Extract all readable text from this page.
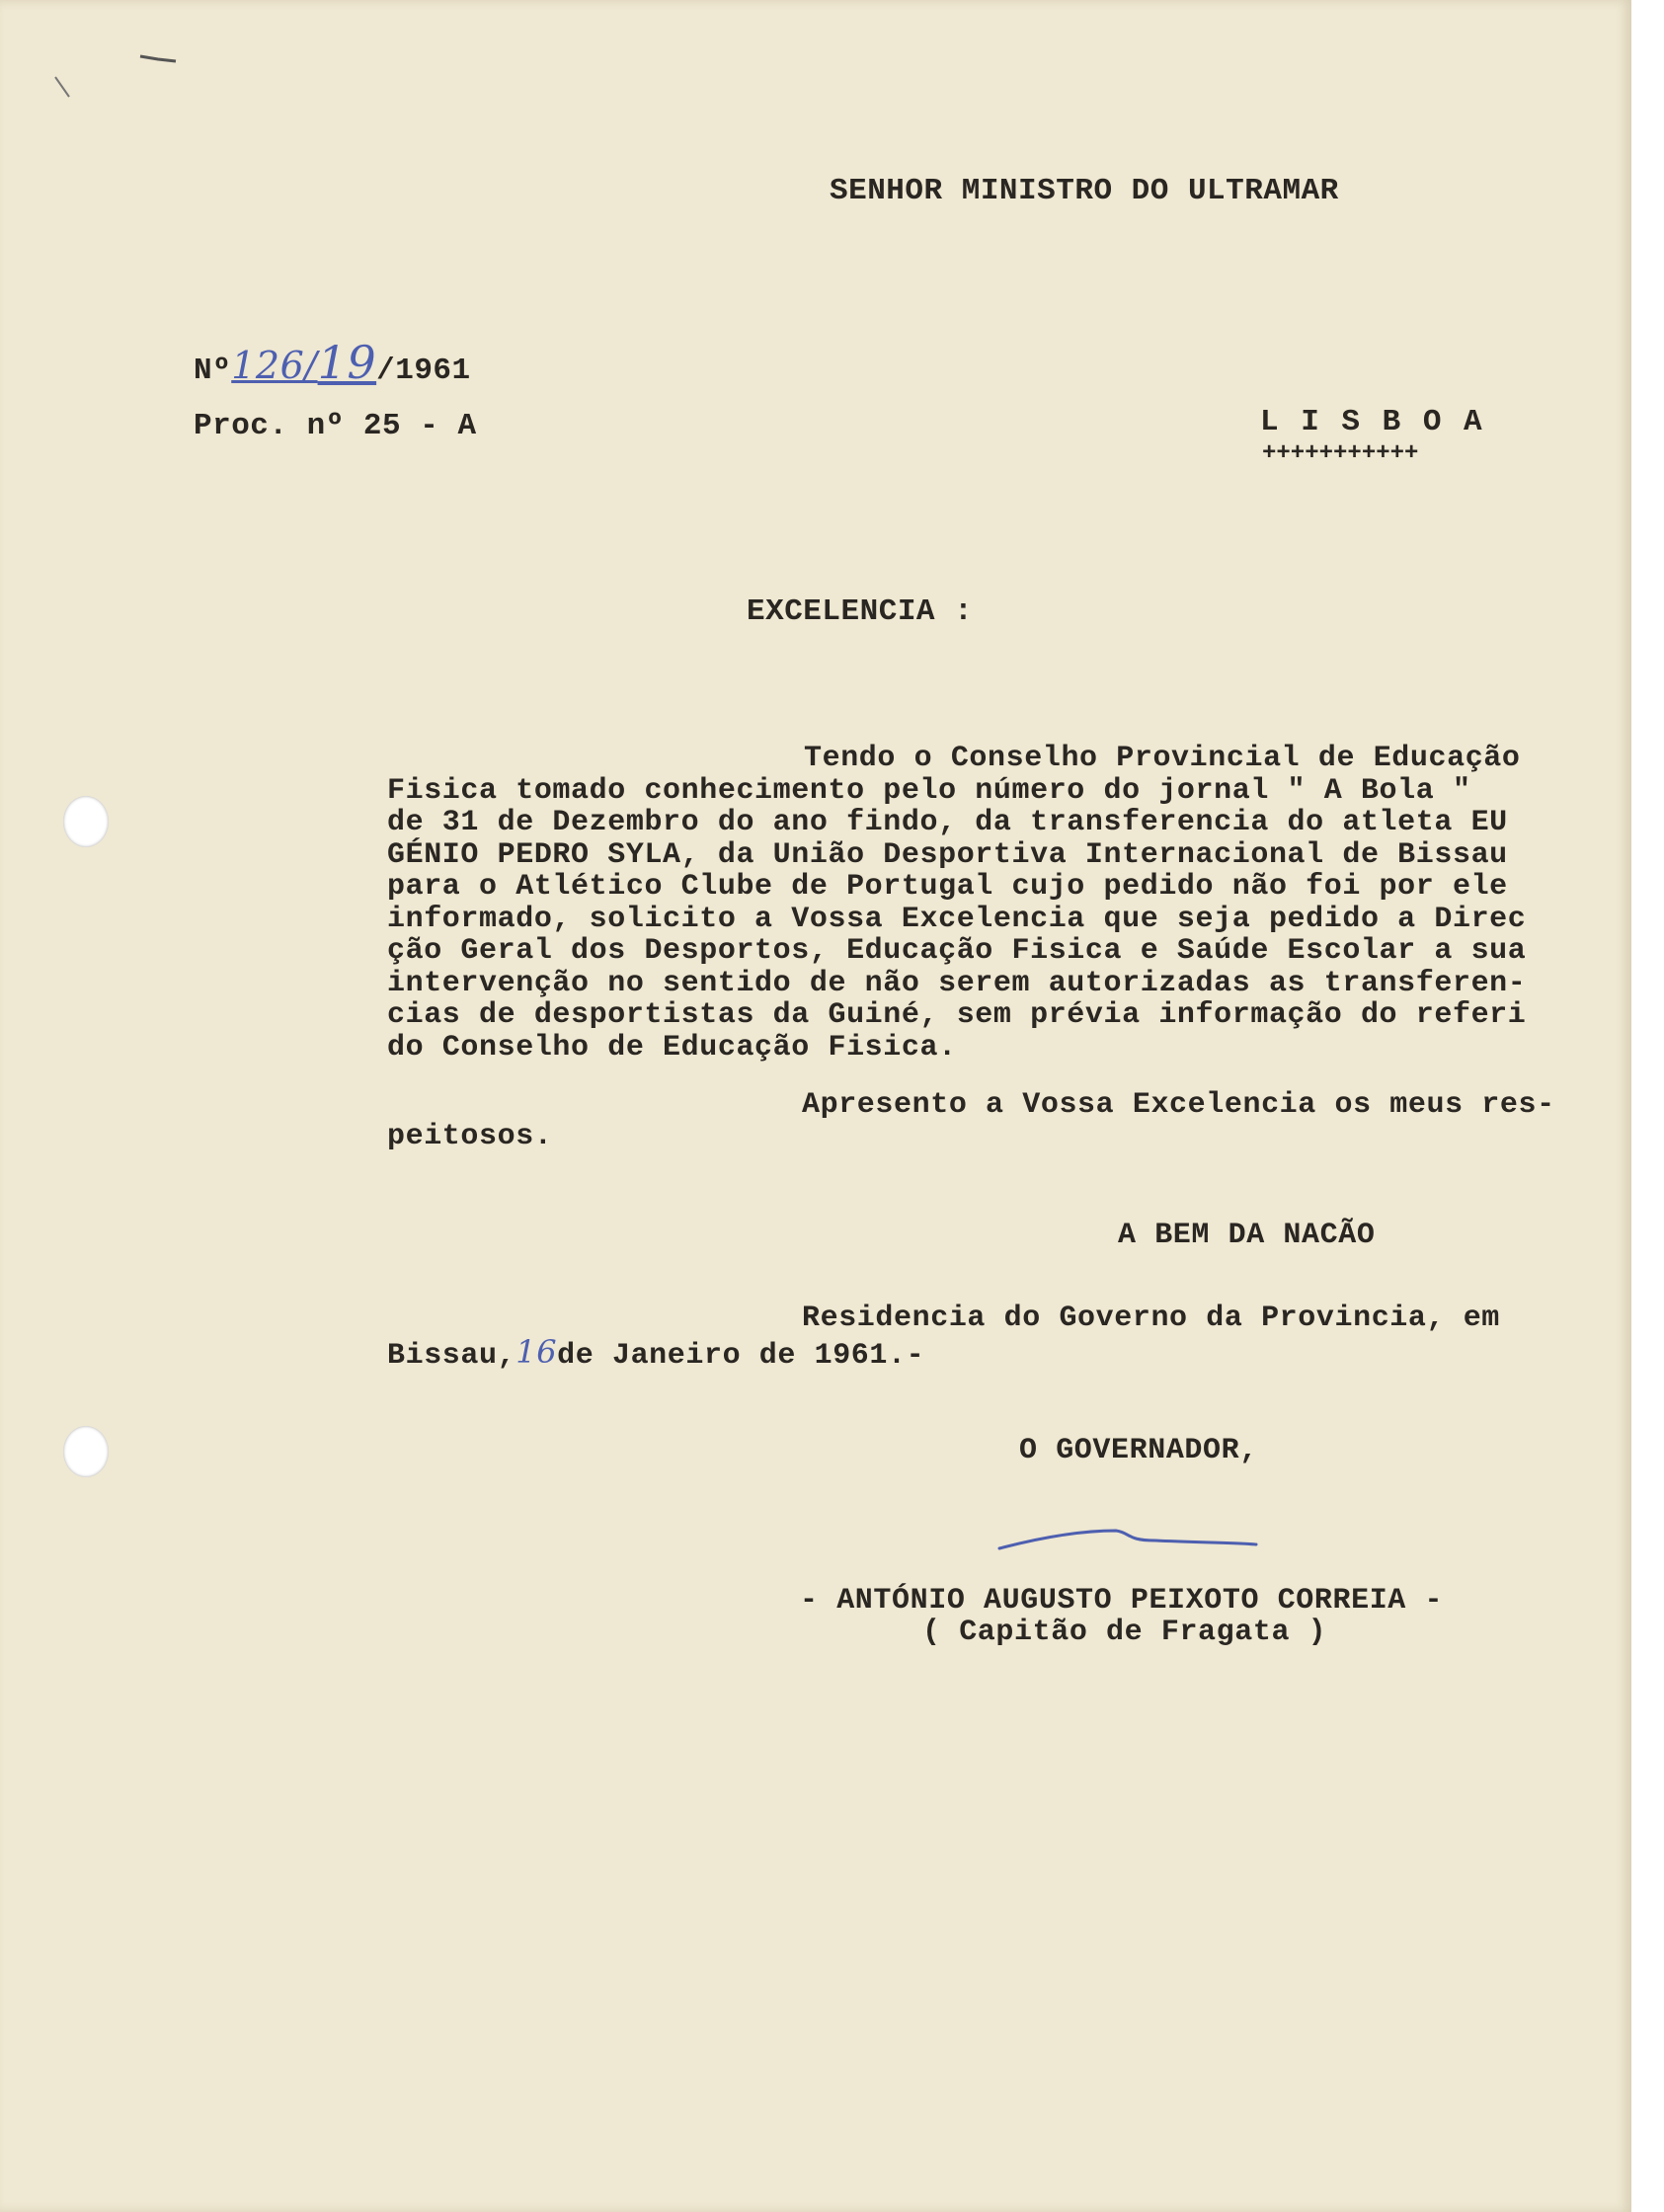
SENHOR MINISTRO DO ULTRAMAR
Nº126/19/1961
Proc. nº 25 - A	L I S B O A
+++++++++++
EXCELENCIA :
Tendo o Conselho Provincial de Educação
Fisica tomado conhecimento pelo número do jornal " A Bola "
de 31 de Dezembro do ano findo, da transferencia do atleta EU
GÉNIO PEDRO SYLA, da União Desportiva Internacional de Bissau
para o Atlético Clube de Portugal cujo pedido não foi por ele
informado, solicito a Vossa Excelencia que seja pedido a Direc
ção Geral dos Desportos, Educação Fisica e Saúde Escolar a sua
intervenção no sentido de não serem autorizadas as transferen-
cias de desportistas da Guiné, sem prévia informação do referi
do Conselho de Educação Fisica.
Apresento a Vossa Excelencia os meus res-
peitosos.
A BEM DA NACÃO
Residencia do Governo da Provincia, em
Bissau,16de Janeiro de 1961.-
O GOVERNADOR,
- ANTÓNIO AUGUSTO PEIXOTO CORREIA -
( Capitão de Fragata )
